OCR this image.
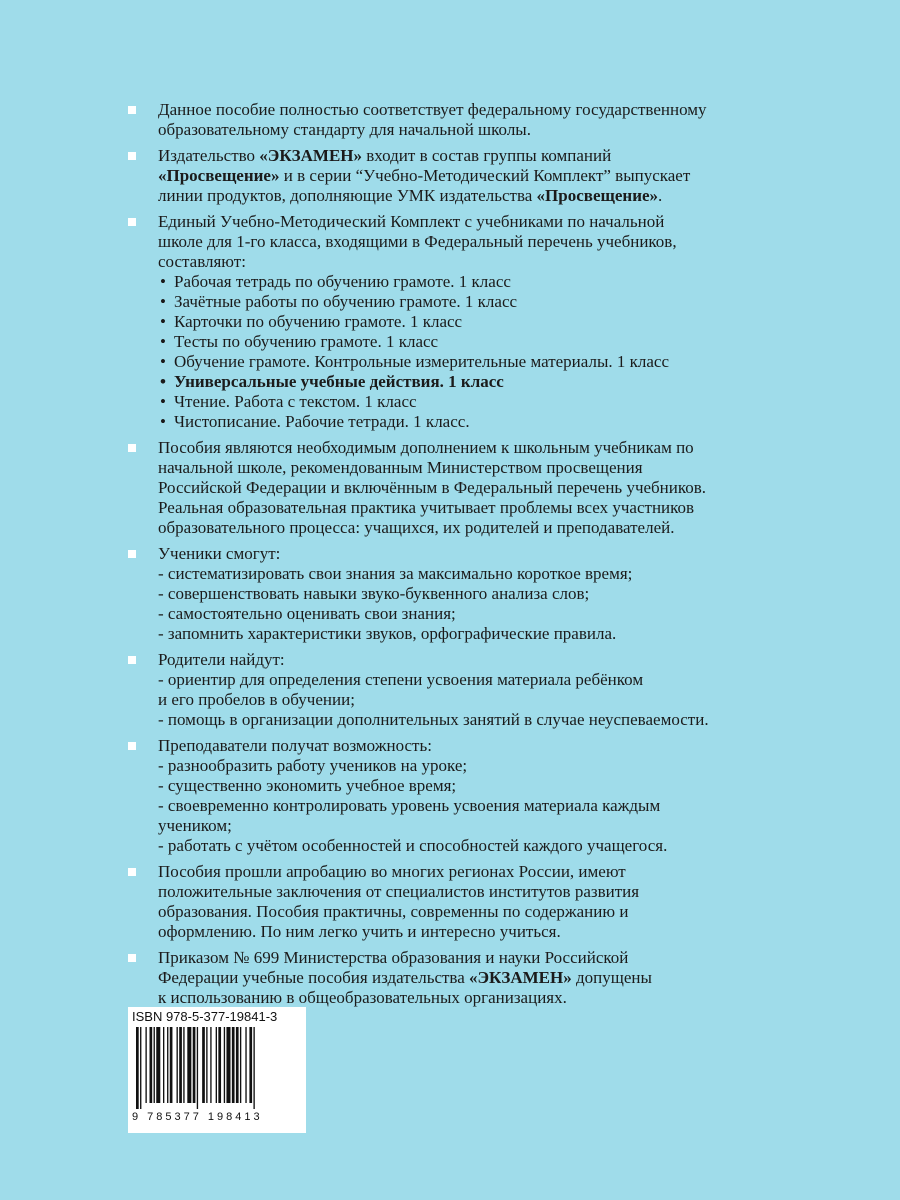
Данное пособие полностью соответствует федеральному государственному
образовательному стандарту для начальной школы.
Издательство «ЭКЗАМЕН» входит в состав группы компаний
«Просвещение» и в серии “Учебно-Методический Комплект” выпускает
линии продуктов, дополняющие УМК издательства «Просвещение».
Единый Учебно-Методический Комплект с учебниками по начальной
школе для 1-го класса, входящими в Федеральный перечень учебников,
составляют:
• Рабочая тетрадь по обучению грамоте. 1 класс
• Зачётные работы по обучению грамоте. 1 класс
• Карточки по обучению грамоте. 1 класс
• Тесты по обучению грамоте. 1 класс
• Обучение грамоте. Контрольные измерительные материалы. 1 класс
• Универсальные учебные действия. 1 класс
• Чтение. Работа с текстом. 1 класс
• Чистописание. Рабочие тетради. 1 класс.
Пособия являются необходимым дополнением к школьным учебникам по
начальной школе, рекомендованным Министерством просвещения
Российской Федерации и включённым в Федеральный перечень учебников.
Реальная образовательная практика учитывает проблемы всех участников
образовательного процесса: учащихся, их родителей и преподавателей.
Ученики смогут:
- систематизировать свои знания за максимально короткое время;
- совершенствовать навыки звуко-буквенного анализа слов;
- самостоятельно оценивать свои знания;
- запомнить характеристики звуков, орфографические правила.
Родители найдут:
- ориентир для определения степени усвоения материала ребёнком
и его пробелов в обучении;
- помощь в организации дополнительных занятий в случае неуспеваемости.
Преподаватели получат возможность:
- разнообразить работу учеников на уроке;
- существенно экономить учебное время;
- своевременно контролировать уровень усвоения материала каждым
учеником;
- работать с учётом особенностей и способностей каждого учащегося.
Пособия прошли апробацию во многих регионах России, имеют
положительные заключения от специалистов институтов развития
образования. Пособия практичны, современны по содержанию и
оформлению. По ним легко учить и интересно учиться.
Приказом № 699 Министерства образования и науки Российской
Федерации учебные пособия издательства «ЭКЗАМЕН» допущены
к использованию в общеобразовательных организациях.
ISBN 978-5-377-19841-3
9 785377 198413
